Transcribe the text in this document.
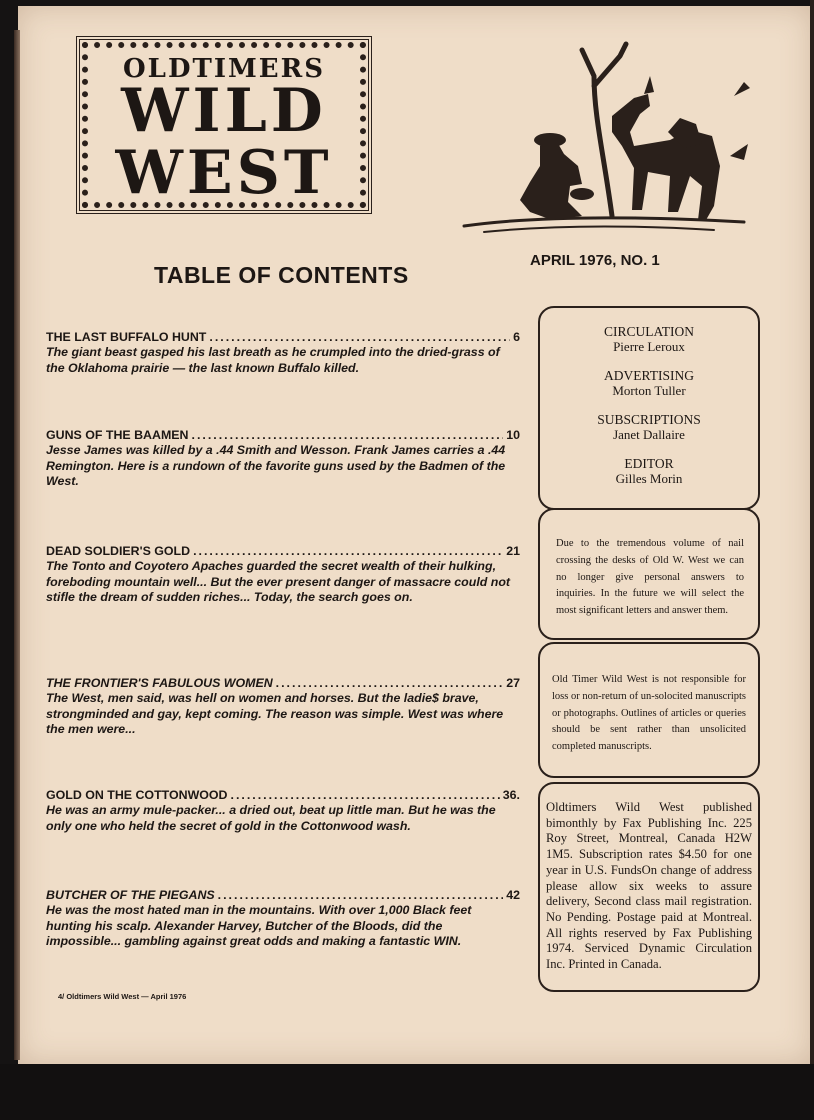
OLDTIMERS
WILD
WEST
TABLE OF CONTENTS
APRIL 1976, NO. 1
THE LAST BUFFALO HUNT .....	6
The giant beast gasped his last breath as he crumpled into the dried-grass of the Oklahoma prairie — the last known Buffalo killed.
GUNS OF THE BAAMEN .....	10
Jesse James was killed by a .44 Smith and Wesson. Frank James carries a .44 Remington. Here is a rundown of the favorite guns used by the Badmen of the West.
DEAD SOLDIER'S GOLD .....	21
The Tonto and Coyotero Apaches guarded the secret wealth of their hulking, foreboding mountain well... But the ever present danger of massacre could not stifle the dream of sudden riches... Today, the search goes on.
THE FRONTIER'S FABULOUS WOMEN .....	27
The West, men said, was hell on women and horses. But the ladie$ brave, strongminded and gay, kept coming. The reason was simple. West was where the men were...
GOLD ON THE COTTONWOOD .....	36.
He was an army mule-packer... a dried out, beat up little man. But he was the only one who held the secret of gold in the Cottonwood wash.
BUTCHER OF THE PIEGANS .....	42
He was the most hated man in the mountains. With over 1,000 Black feet hunting his scalp. Alexander Harvey, Butcher of the Bloods, did the impossible... gambling against great odds and making a fantastic WIN.
CIRCULATION
Pierre Leroux
ADVERTISING
Morton Tuller
SUBSCRIPTIONS
Janet Dallaire
EDITOR
Gilles Morin
Due to the tremendous volume of nail crossing the desks of Old W. West we can no longer give personal answers to inquiries. In the future we will select the most significant letters and answer them.
Old Timer Wild West is not responsible for loss or non-return of un-solocited manuscripts or photographs. Outlines of articles or queries should be sent rather than unsolicited completed manuscripts.
Oldtimers Wild West published bimonthly by Fax Publishing Inc. 225 Roy Street, Montreal, Canada H2W 1M5. Subscription rates $4.50 for one year in U.S. FundsOn change of address please allow six weeks to assure delivery, Second class mail registration. No Pending. Postage paid at Montreal. All rights reserved by Fax Publishing 1974. Serviced Dynamic Circulation Inc. Printed in Canada.
4/ Oldtimers Wild West — April 1976
